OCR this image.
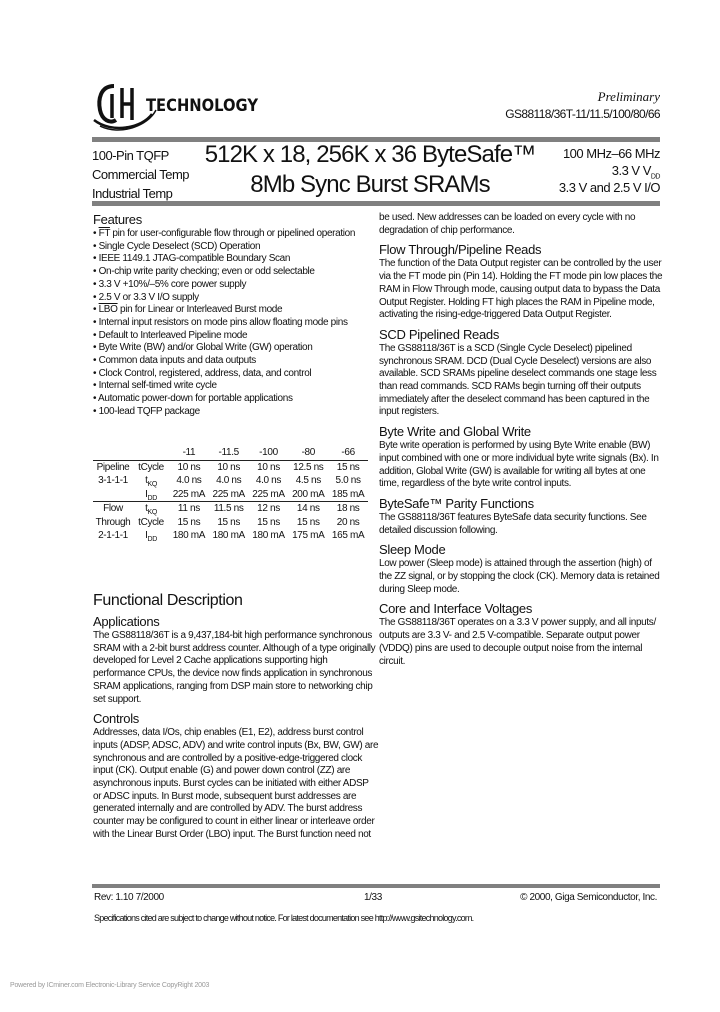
TECHNOLOGY	Preliminary
GS88118/36T-11/11.5/100/80/66
100-Pin TQFP
Commercial Temp
Industrial Temp
512K x 18, 256K x 36 ByteSafe™
8Mb Sync Burst SRAMs
100 MHz–66 MHz
3.3 V $V_{DD}$
3.3 V and 2.5 V I/O
Features
• $\overline{FT}$ pin for user-configurable flow through or pipelined operation
• Single Cycle Deselect (SCD) Operation
• IEEE 1149.1 JTAG-compatible Boundary Scan
• On-chip write parity checking; even or odd selectable
• 3.3 V +10%/–5% core power supply
• 2.5 V or 3.3 V I/O supply
• $\overline{LBO}$ pin for Linear or Interleaved Burst mode
• Internal input resistors on mode pins allow floating mode pins
• Default to Interleaved Pipeline mode
• Byte Write (BW) and/or Global Write (GW) operation
• Common data inputs and data outputs
• Clock Control, registered, address, data, and control
• Internal self-timed write cycle
• Automatic power-down for portable applications
• 100-lead TQFP package
		-11	-11.5	-100	-80	-66
Pipeline	tCycle	10 ns	10 ns	10 ns	12.5 ns	15 ns
3-1-1-1	$t_{KQ}$	4.0 ns	4.0 ns	4.0 ns	4.5 ns	5.0 ns
	$I_{DD}$	225 mA	225 mA	225 mA	200 mA	185 mA
Flow	$t_{KQ}$	11 ns	11.5 ns	12 ns	14 ns	18 ns
Through	tCycle	15 ns	15 ns	15 ns	15 ns	20 ns
2-1-1-1	$I_{DD}$	180 mA	180 mA	180 mA	175 mA	165 mA
Functional Description
Applications
The GS88118/36T is a 9,437,184-bit high performance synchronous
SRAM with a 2-bit burst address counter. Although of a type originally
developed for Level 2 Cache applications supporting high
performance CPUs, the device now finds application in synchronous
SRAM applications, ranging from DSP main store to networking chip
set support.
Controls
Addresses, data I/Os, chip enables (E1, E2), address burst control
inputs (ADSP, ADSC, ADV) and write control inputs (Bx, BW, GW) are
synchronous and are controlled by a positive-edge-triggered clock
input (CK). Output enable (G) and power down control (ZZ) are
asynchronous inputs. Burst cycles can be initiated with either ADSP
or ADSC inputs. In Burst mode, subsequent burst addresses are
generated internally and are controlled by ADV. The burst address
counter may be configured to count in either linear or interleave order
with the Linear Burst Order (LBO) input. The Burst function need not
be used. New addresses can be loaded on every cycle with no
degradation of chip performance.
Flow Through/Pipeline Reads
The function of the Data Output register can be controlled by the user
via the FT mode pin (Pin 14). Holding the FT mode pin low places the
RAM in Flow Through mode, causing output data to bypass the Data
Output Register. Holding FT high places the RAM in Pipeline mode,
activating the rising-edge-triggered Data Output Register.
SCD Pipelined Reads
The GS88118/36T is a SCD (Single Cycle Deselect) pipelined
synchronous SRAM. DCD (Dual Cycle Deselect) versions are also
available. SCD SRAMs pipeline deselect commands one stage less
than read commands. SCD RAMs begin turning off their outputs
immediately after the deselect command has been captured in the
input registers.
Byte Write and Global Write
Byte write operation is performed by using Byte Write enable (BW)
input combined with one or more individual byte write signals (Bx). In
addition, Global Write (GW) is available for writing all bytes at one
time, regardless of the byte write control inputs.
ByteSafe™ Parity Functions
The GS88118/36T features ByteSafe data security functions. See
detailed discussion following.
Sleep Mode
Low power (Sleep mode) is attained through the assertion (high) of
the ZZ signal, or by stopping the clock (CK). Memory data is retained
during Sleep mode.
Core and Interface Voltages
The GS88118/36T operates on a 3.3 V power supply, and all inputs/
outputs are 3.3 V- and 2.5 V-compatible. Separate output power
(VDDQ) pins are used to decouple output noise from the internal
circuit.
Rev: 1.10 7/2000	1/33	© 2000, Giga Semiconductor, Inc.
Specifications cited are subject to change without notice. For latest documentation see http://www.gsitechnology.com.
Powered by ICminer.com Electronic-Library Service CopyRight 2003
